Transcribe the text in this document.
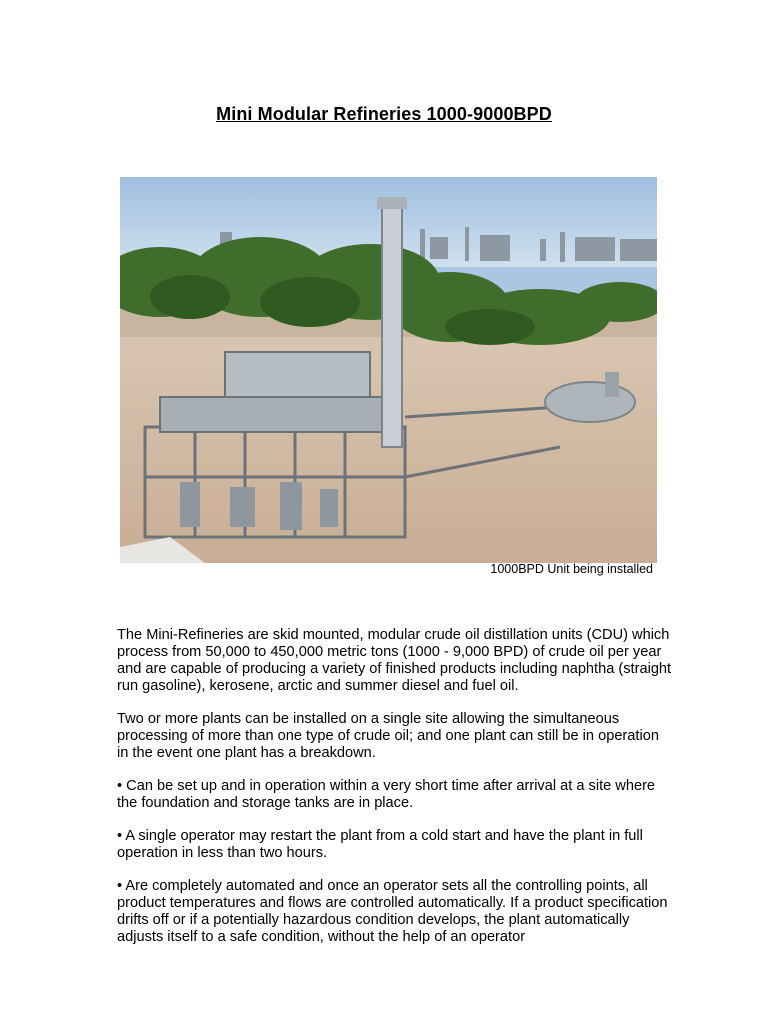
Mini Modular Refineries 1000-9000BPD
1000BPD Unit being installed

The Mini-Refineries are skid mounted, modular crude oil distillation units (CDU) which process from 50,000 to 450,000 metric tons (1000 - 9,000 BPD) of crude oil per year and are capable of producing a variety of finished products including naphtha (straight run gasoline), kerosene, arctic and summer diesel and fuel oil.

Two or more plants can be installed on a single site allowing the simultaneous processing of more than one type of crude oil; and one plant can still be in operation in the event one plant has a breakdown.

• Can be set up and in operation within a very short time after arrival at a site where the foundation and storage tanks are in place.

• A single operator may restart the plant from a cold start and have the plant in full operation in less than two hours.

• Are completely automated and once an operator sets all the controlling points, all product temperatures and flows are controlled automatically. If a product specification drifts off or if a potentially hazardous condition develops, the plant automatically adjusts itself to a safe condition, without the help of an operator
